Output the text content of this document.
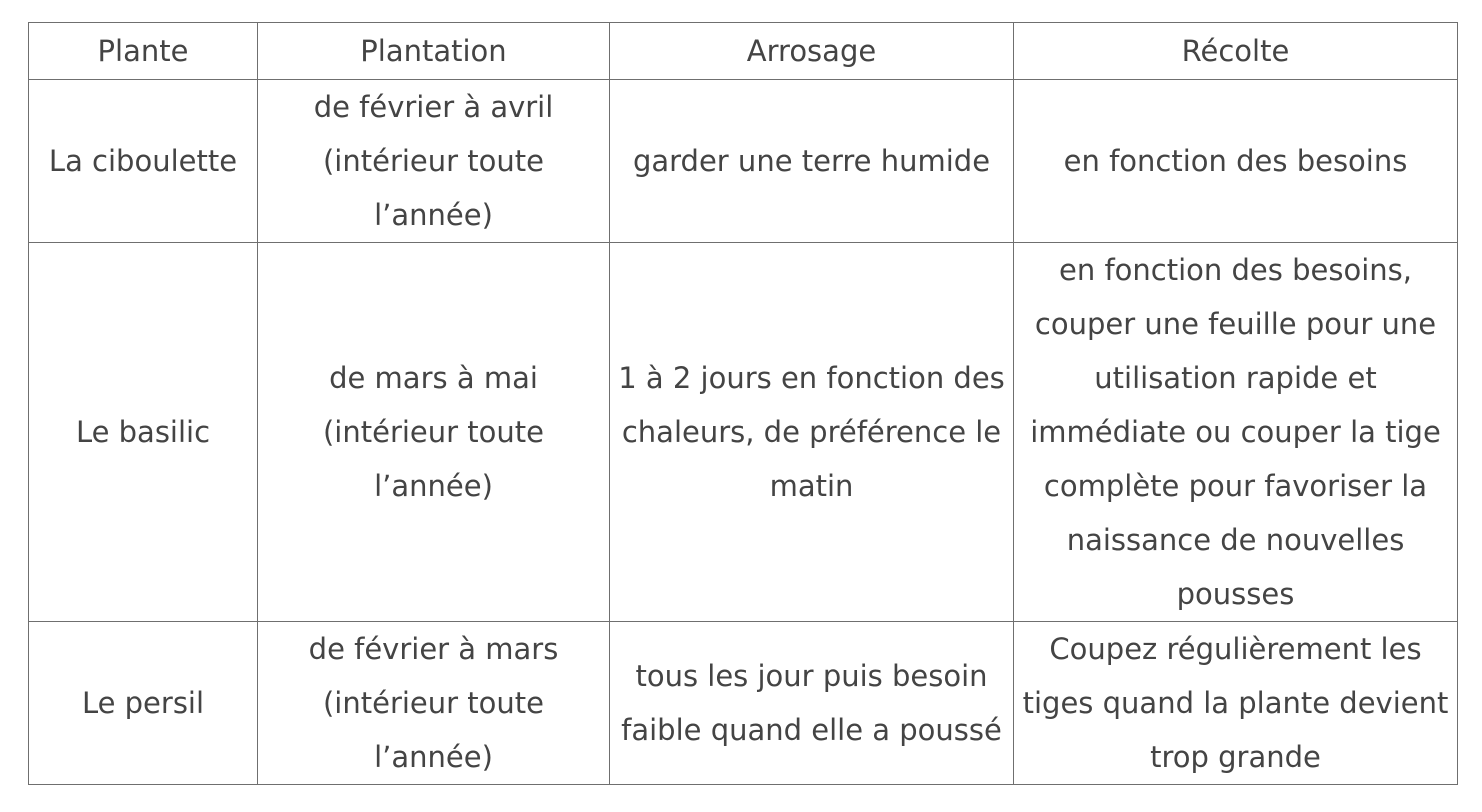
Plante	Plantation	Arrosage	Récolte

La ciboulette	de février à avril (intérieur toute l’année)	garder une terre humide	en fonction des besoins

Le basilic	de mars à mai (intérieur toute l’année)	1 à 2 jours en fonction des chaleurs, de préférence le matin	en fonction des besoins, couper une feuille pour une utilisation rapide et immédiate ou couper la tige complète pour favoriser la naissance de nouvelles pousses

Le persil	de février à mars (intérieur toute l’année)	tous les jour puis besoin faible quand elle a poussé	Coupez régulièrement les tiges quand la plante devient trop grande
